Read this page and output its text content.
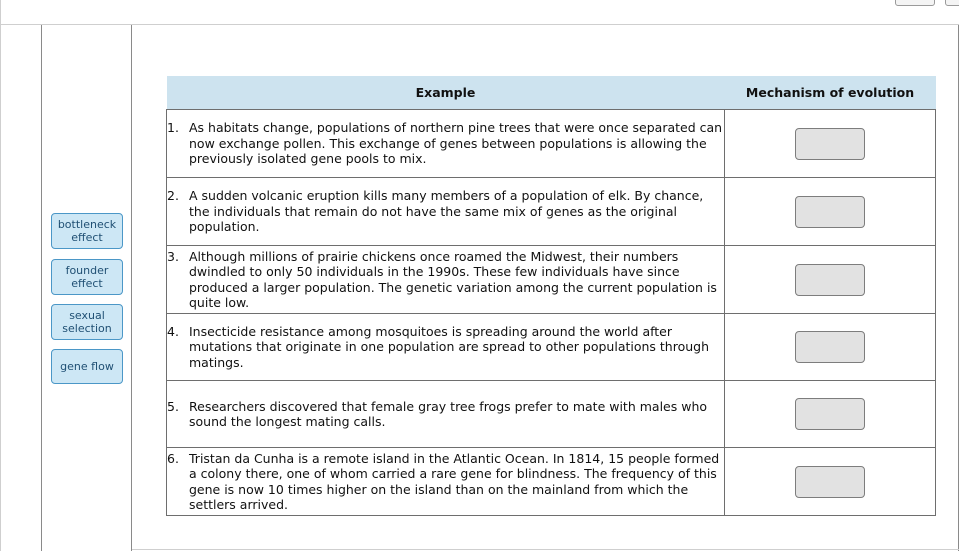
bottleneck effect
founder effect
sexual selection
gene flow
Example	Mechanism of evolution

1. As habitats change, populations of northern pine trees that were once separated can now exchange pollen. This exchange of genes between populations is allowing the previously isolated gene pools to mix.	

2. A sudden volcanic eruption kills many members of a population of elk. By chance, the individuals that remain do not have the same mix of genes as the original population.	

3. Although millions of prairie chickens once roamed the Midwest, their numbers dwindled to only 50 individuals in the 1990s. These few individuals have since produced a larger population. The genetic variation among the current population is quite low.	

4. Insecticide resistance among mosquitoes is spreading around the world after mutations that originate in one population are spread to other populations through matings.	

5. Researchers discovered that female gray tree frogs prefer to mate with males who sound the longest mating calls.	

6. Tristan da Cunha is a remote island in the Atlantic Ocean. In 1814, 15 people formed a colony there, one of whom carried a rare gene for blindness. The frequency of this gene is now 10 times higher on the island than on the mainland from which the settlers arrived.	
